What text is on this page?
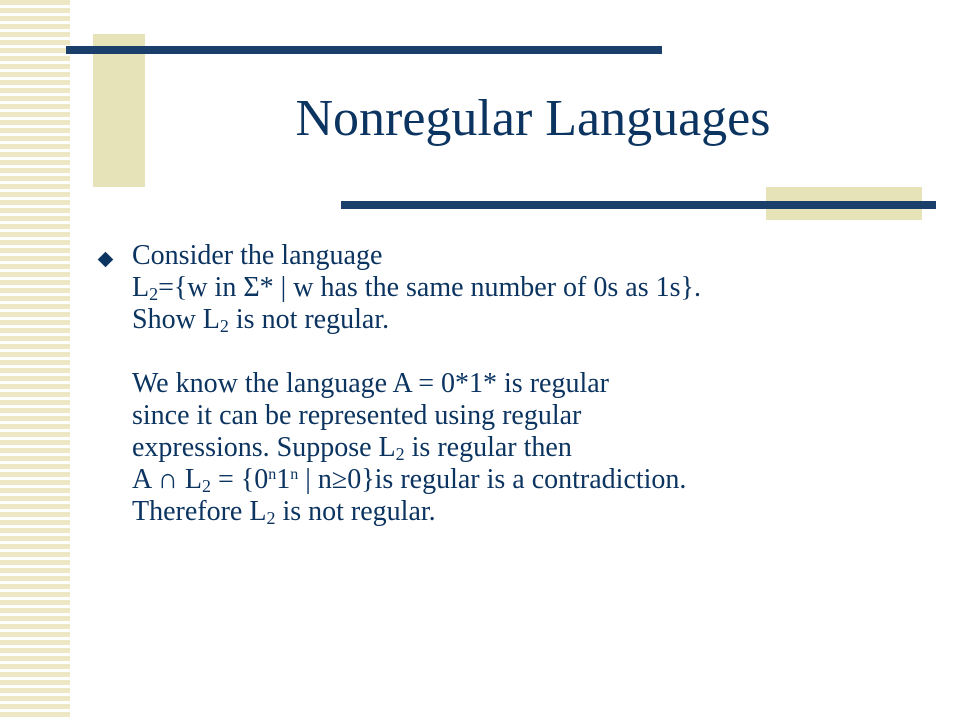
Nonregular Languages
Consider the language
$L_2=\{w$ in Σ* | w has the same number of 0s as 1s}.
Show $L_2$ is not regular.
We know the language A = 0*1* is regular
since it can be represented using regular
expressions. Suppose $L_2$ is regular then
A ∩ $L_2 = \{0^n1^n$ | n≥0}is regular is a contradiction.
Therefore $L_2$ is not regular.
